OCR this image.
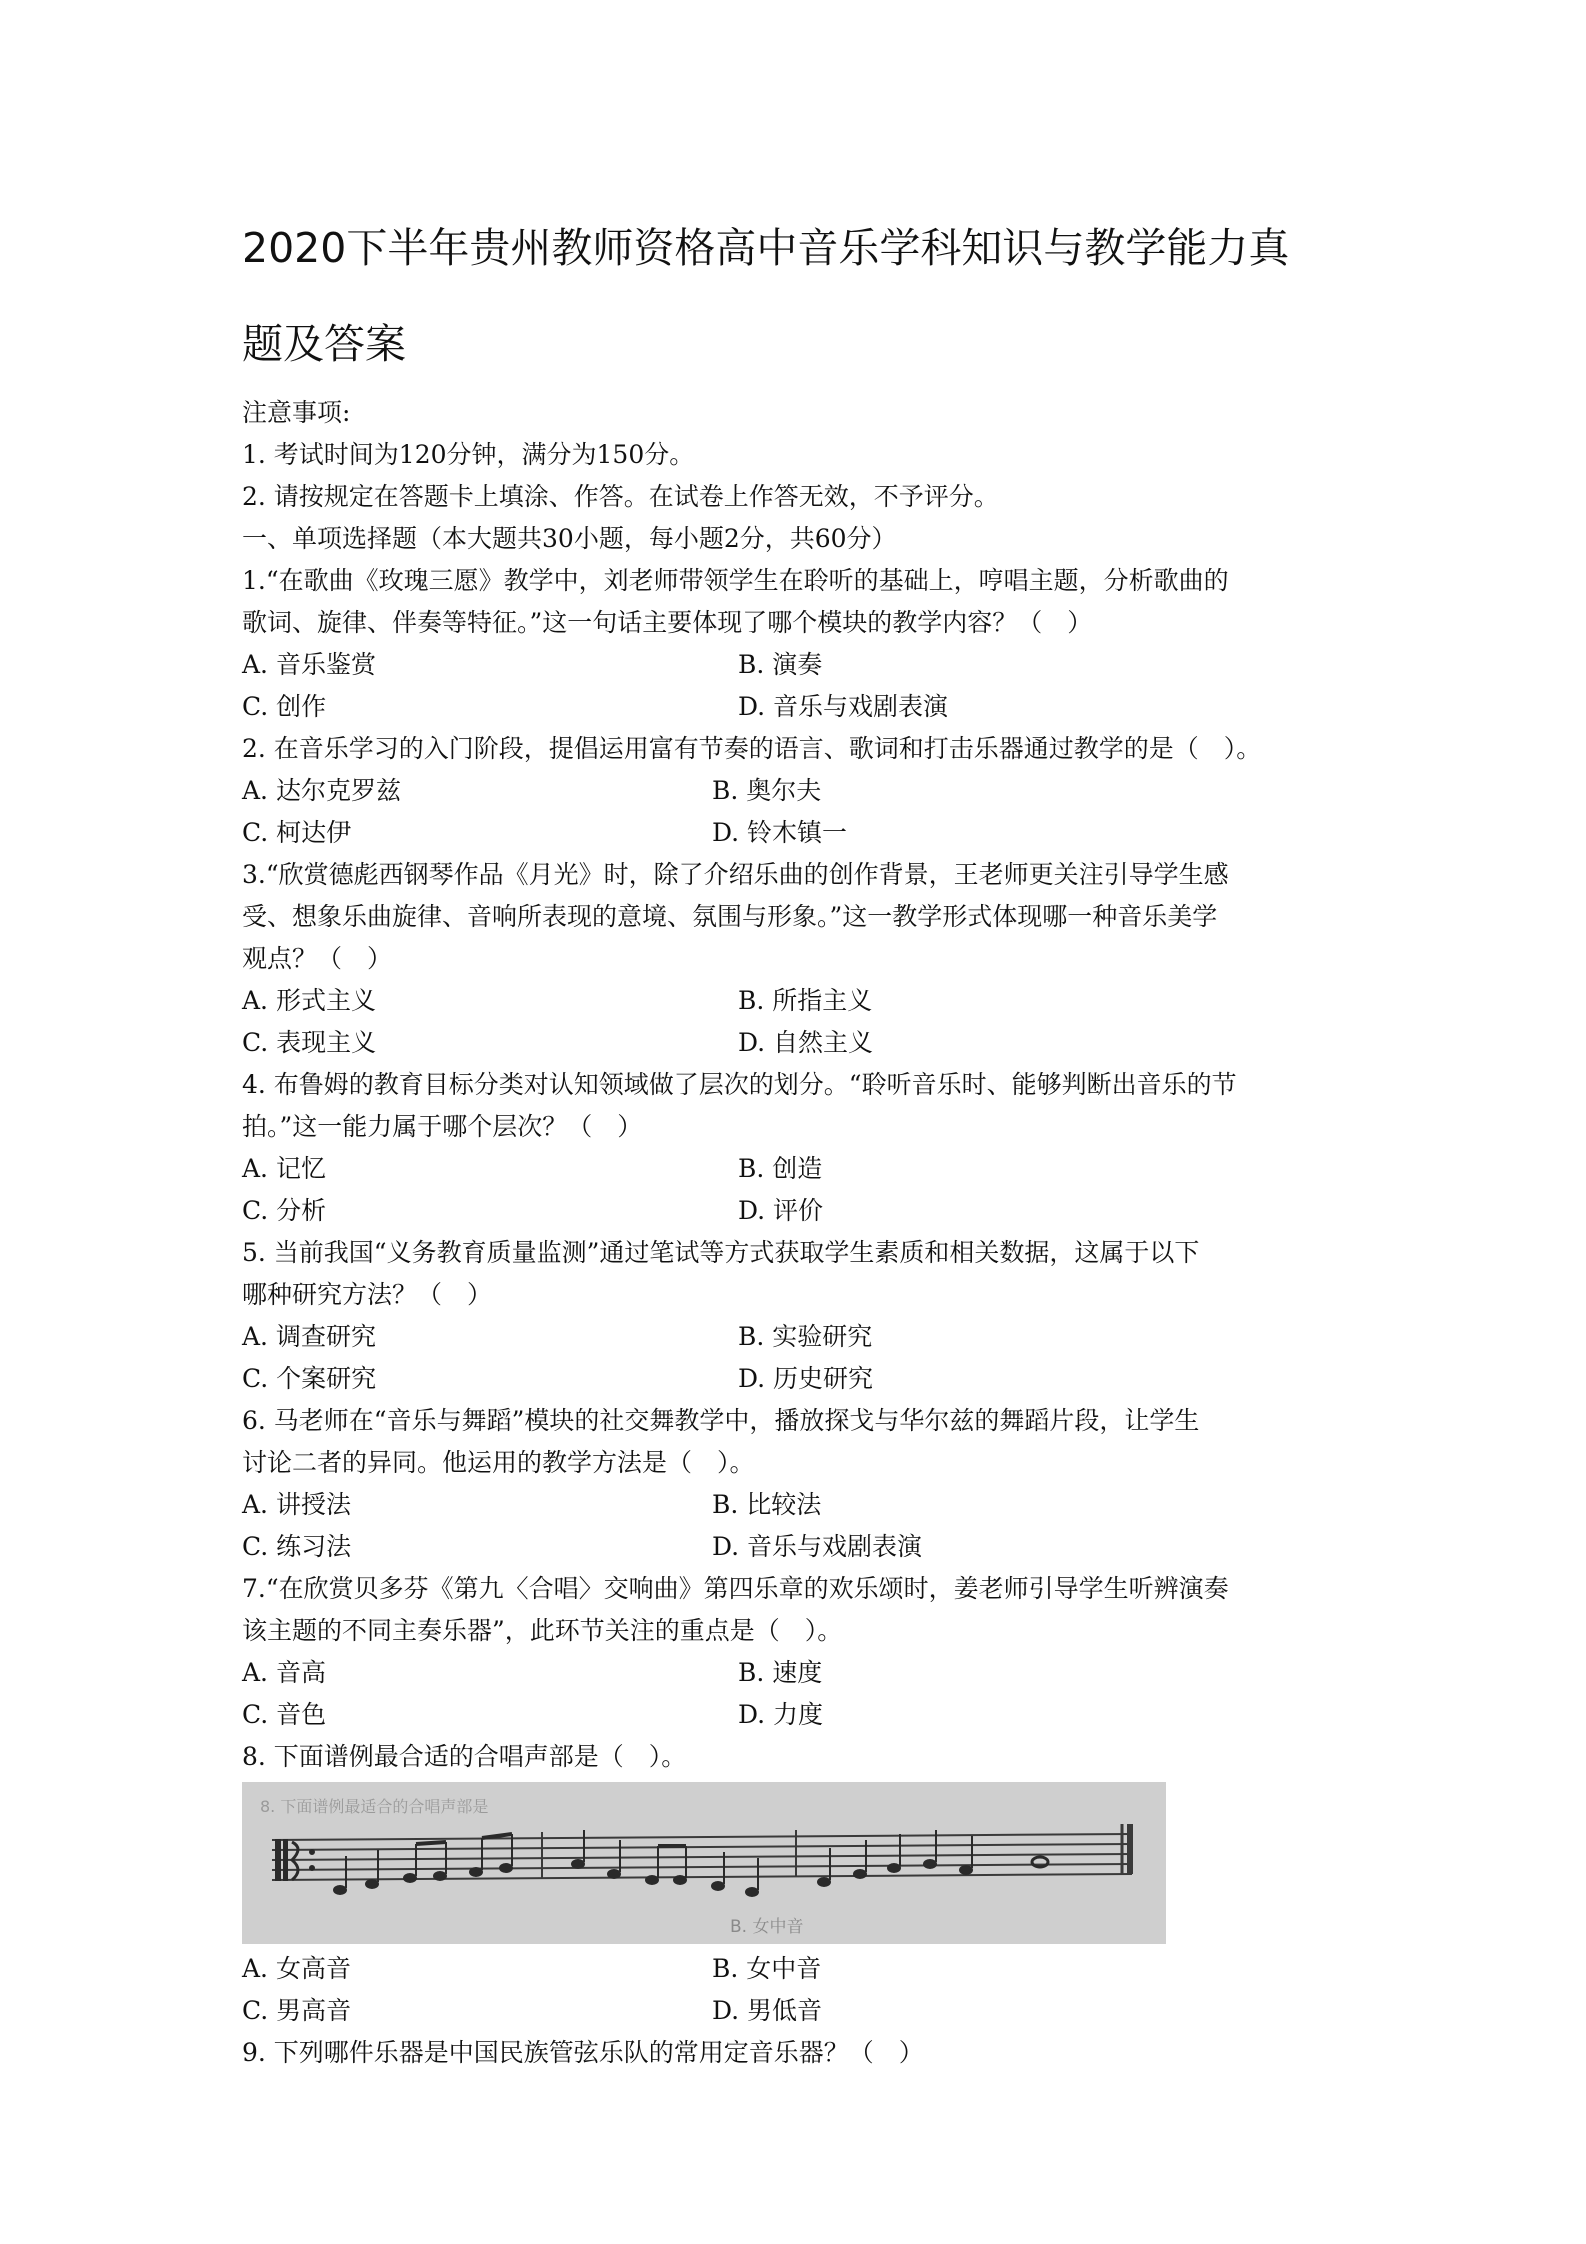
2020下半年贵州教师资格高中音乐学科知识与教学能力真
题及答案
注意事项:
1. 考试时间为120分钟，满分为150分。
2. 请按规定在答题卡上填涂、作答。在试卷上作答无效，不予评分。
一、单项选择题（本大题共30小题，每小题2分，共60分）
1.“在歌曲《玫瑰三愿》教学中，刘老师带领学生在聆听的基础上，哼唱主题，分析歌曲的
歌词、旋律、伴奏等特征。”这一句话主要体现了哪个模块的教学内容？（　）
A. 音乐鉴赏	B. 演奏
C. 创作	D. 音乐与戏剧表演
2. 在音乐学习的入门阶段，提倡运用富有节奏的语言、歌词和打击乐器通过教学的是（　）。
A. 达尔克罗兹	B. 奥尔夫
C. 柯达伊	D. 铃木镇一
3.“欣赏德彪西钢琴作品《月光》时，除了介绍乐曲的创作背景，王老师更关注引导学生感
受、想象乐曲旋律、音响所表现的意境、氛围与形象。”这一教学形式体现哪一种音乐美学
观点？（　）
A. 形式主义	B. 所指主义
C. 表现主义	D. 自然主义
4. 布鲁姆的教育目标分类对认知领域做了层次的划分。“聆听音乐时、能够判断出音乐的节
拍。”这一能力属于哪个层次？（　）
A. 记忆	B. 创造
C. 分析	D. 评价
5. 当前我国“义务教育质量监测”通过笔试等方式获取学生素质和相关数据，这属于以下
哪种研究方法？（　）
A. 调查研究	B. 实验研究
C. 个案研究	D. 历史研究
6. 马老师在“音乐与舞蹈”模块的社交舞教学中，播放探戈与华尔兹的舞蹈片段，让学生
讨论二者的异同。他运用的教学方法是（　）。
A. 讲授法	B. 比较法
C. 练习法	D. 音乐与戏剧表演
7.“在欣赏贝多芬《第九〈合唱〉交响曲》第四乐章的欢乐颂时，姜老师引导学生听辨演奏
该主题的不同主奏乐器”，此环节关注的重点是（　）。
A. 音高	B. 速度
C. 音色	D. 力度
8. 下面谱例最合适的合唱声部是（　）。
8. 下面谱例最适合的合唱声部是
B. 女中音
A. 女高音	B. 女中音
C. 男高音	D. 男低音
9. 下列哪件乐器是中国民族管弦乐队的常用定音乐器？（　）
